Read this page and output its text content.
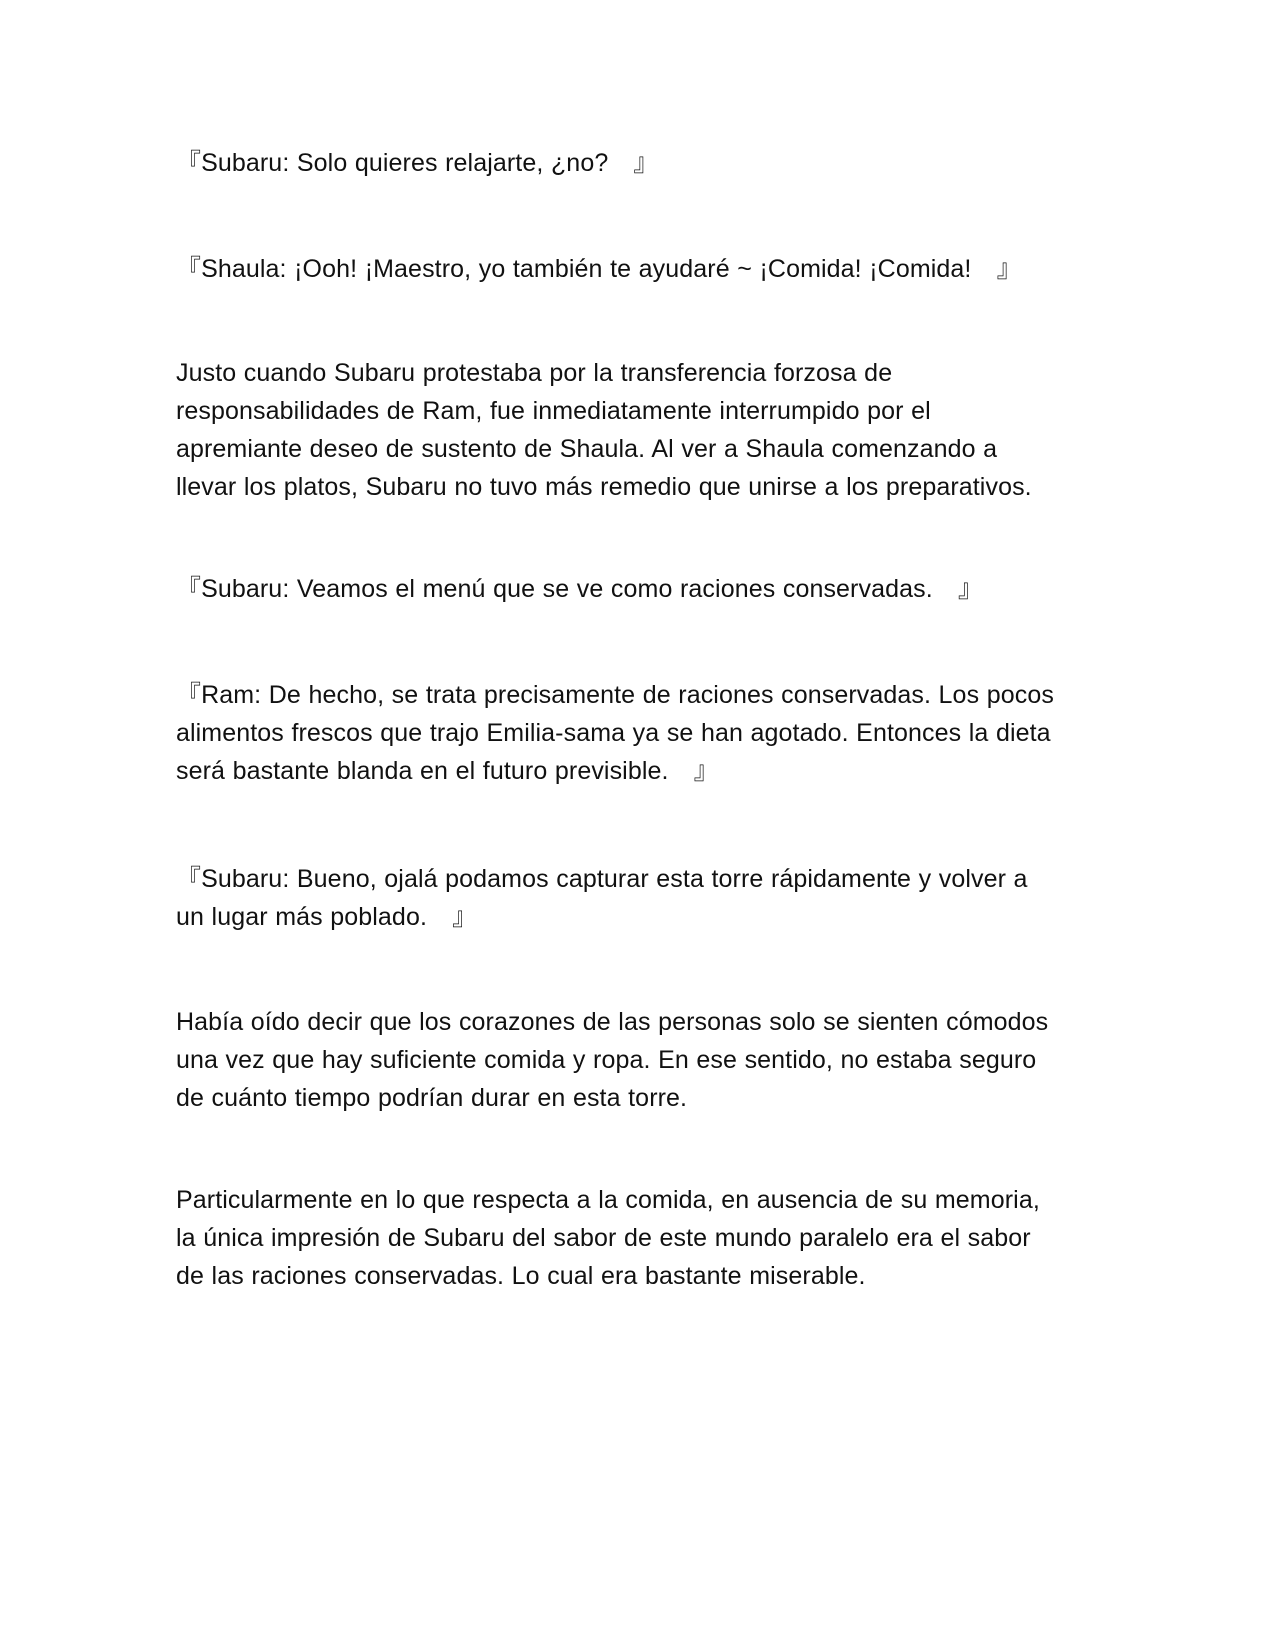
『Subaru: Solo quieres relajarte, ¿no?　』
『Shaula: ¡Ooh! ¡Maestro, yo también te ayudaré ~ ¡Comida! ¡Comida!　』
Justo cuando Subaru protestaba por la transferencia forzosa de
responsabilidades de Ram, fue inmediatamente interrumpido por el
apremiante deseo de sustento de Shaula. Al ver a Shaula comenzando a
llevar los platos, Subaru no tuvo más remedio que unirse a los preparativos.
『Subaru: Veamos el menú que se ve como raciones conservadas.　』
『Ram: De hecho, se trata precisamente de raciones conservadas. Los pocos
alimentos frescos que trajo Emilia-sama ya se han agotado. Entonces la dieta
será bastante blanda en el futuro previsible.　』
『Subaru: Bueno, ojalá podamos capturar esta torre rápidamente y volver a
un lugar más poblado.　』
Había oído decir que los corazones de las personas solo se sienten cómodos
una vez que hay suficiente comida y ropa. En ese sentido, no estaba seguro
de cuánto tiempo podrían durar en esta torre.
Particularmente en lo que respecta a la comida, en ausencia de su memoria,
la única impresión de Subaru del sabor de este mundo paralelo era el sabor
de las raciones conservadas. Lo cual era bastante miserable.
